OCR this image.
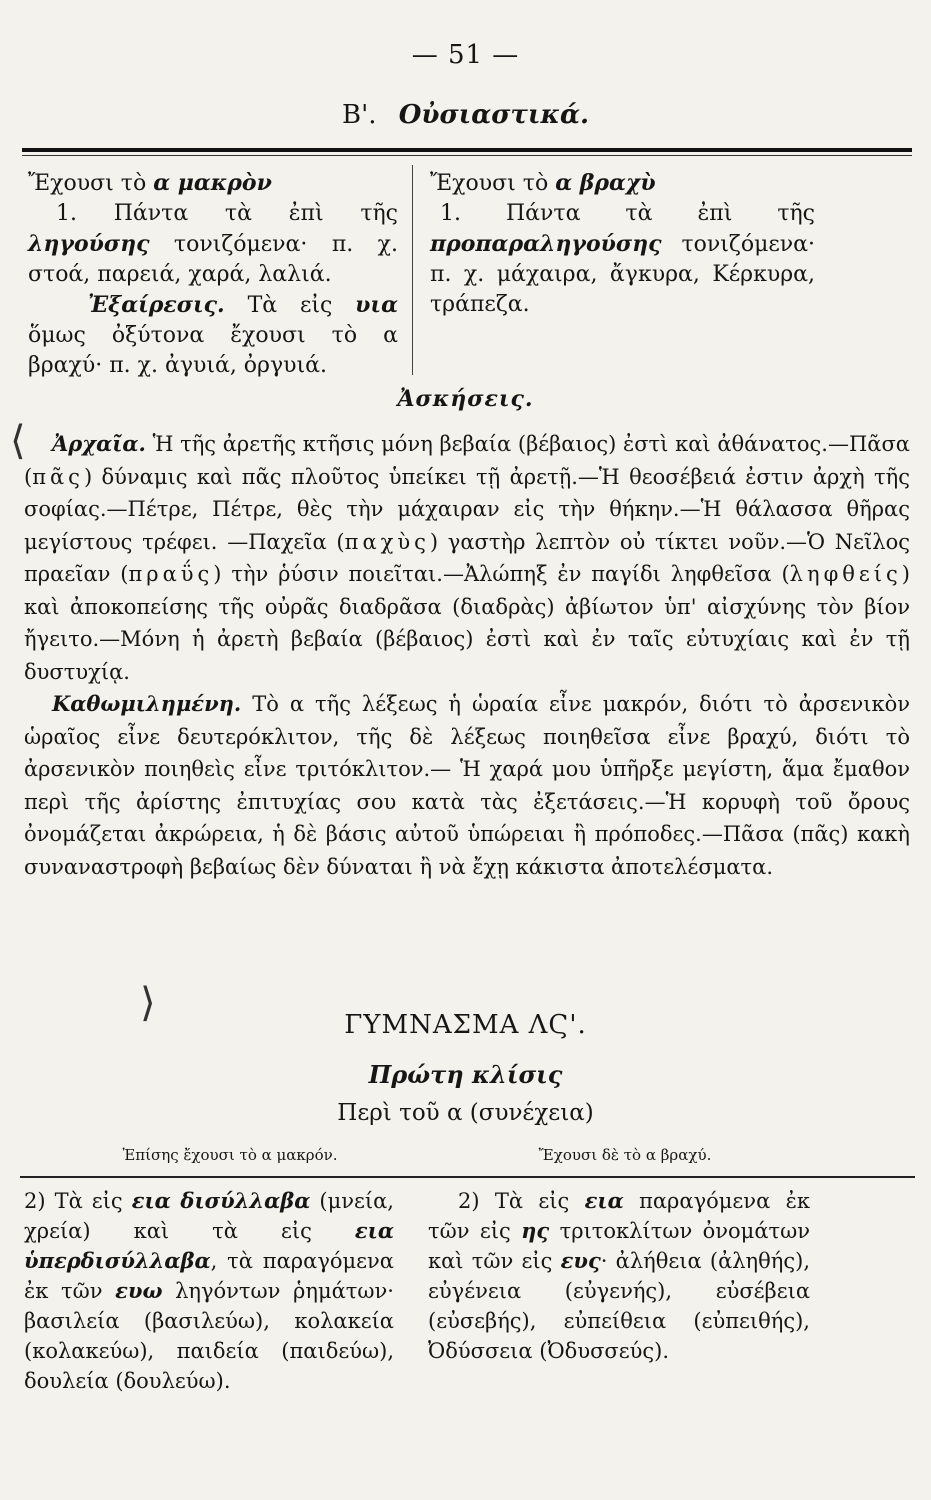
— 51 —
Β'. Οὐσιαστικά.

Ἔχουσι τὸ α μακρὸν

1. Πάντα τὰ ἐπὶ τῆς ληγούσης τονιζόμενα· π. χ. στοά, παρειά, χαρά, λαλιά.

Ἐξαίρεσις. Τὰ εἰς υια ὅμως ὀξύτονα ἔχουσι τὸ α βραχύ· π. χ. ἀγυιά, ὀργυιά.

Ἔχουσι τὸ α βραχὺ

1. Πάντα τὰ ἐπὶ τῆς προπαραληγούσης τονιζόμενα· π. χ. μάχαιρα, ἄγκυρα, Κέρκυρα, τράπεζα.

Ἀσκήσεις.

Ἀρχαῖα. Ἡ τῆς ἀρετῆς κτῆσις μόνη βεβαία (βέβαιος) ἐστὶ καὶ ἀθάνατος.—Πᾶσα (πᾶς) δύναμις καὶ πᾶς πλοῦτος ὑπείκει τῇ ἀρετῇ.—Ἡ θεοσέβειά ἐστιν ἀρχὴ τῆς σοφίας.—Πέτρε, Πέτρε, θὲς τὴν μάχαιραν εἰς τὴν θήκην.—Ἡ θάλασσα θῆρας μεγίστους τρέφει. —Παχεῖα (παχὺς) γαστὴρ λεπτὸν οὐ τίκτει νοῦν.—Ὁ Νεῖλος πραεῖαν (πραΰς) τὴν ῥύσιν ποιεῖται.—Ἀλώπηξ ἐν παγίδι ληφθεῖσα (ληφθείς) καὶ ἀποκοπείσης τῆς οὐρᾶς διαδρᾶσα (διαδρὰς) ἀβίωτον ὑπ' αἰσχύνης τὸν βίον ἤγειτο.—Μόνη ἡ ἀρετὴ βεβαία (βέβαιος) ἐστὶ καὶ ἐν ταῖς εὐτυχίαις καὶ ἐν τῇ δυστυχίᾳ.

Καθωμιλημένη. Τὸ α τῆς λέξεως ἡ ὡραία εἶνε μακρόν, διότι τὸ ἀρσενικὸν ὡραῖος εἶνε δευτερόκλιτον, τῆς δὲ λέξεως ποιηθεῖσα εἶνε βραχύ, διότι τὸ ἀρσενικὸν ποιηθεὶς εἶνε τριτόκλιτον.— Ἡ χαρά μου ὑπῆρξε μεγίστη, ἅμα ἔμαθον περὶ τῆς ἀρίστης ἐπιτυχίας σου κατὰ τὰς ἐξετάσεις.—Ἡ κορυφὴ τοῦ ὄρους ὀνομάζεται ἀκρώρεια, ἡ δὲ βάσις αὐτοῦ ὑπώρειαι ἢ πρόποδες.—Πᾶσα (πᾶς) κακὴ συναναστροφὴ βεβαίως δὲν δύναται ἢ νὰ ἔχῃ κάκιστα ἀποτελέσματα.

ΓΥΜΝΑΣΜΑ ΛϚ'.
Πρώτη κλίσις
Περὶ τοῦ α (συνέχεια)
Ἐπίσης ἔχουσι τὸ α μακρόν.	Ἔχουσι δὲ τὸ α βραχύ.

2) Τὰ εἰς εια δισύλλαβα (μνεία, χρεία) καὶ τὰ εἰς εια ὑπερδισύλλαβα, τὰ παραγόμενα ἐκ τῶν ευω ληγόντων ῥημάτων· βασιλεία (βασιλεύω), κολακεία (κολακεύω), παιδεία (παιδεύω), δουλεία (δουλεύω).

2) Τὰ εἰς εια παραγόμενα ἐκ τῶν εἰς ης τριτοκλίτων ὀνομάτων καὶ τῶν εἰς ευς· ἀλήθεια (ἀληθής), εὐγένεια (εὐγενής), εὐσέβεια (εὐσεβής), εὐπείθεια (εὐπειθής), Ὀδύσσεια (Ὀδυσσεύς).

⟨
⟩
